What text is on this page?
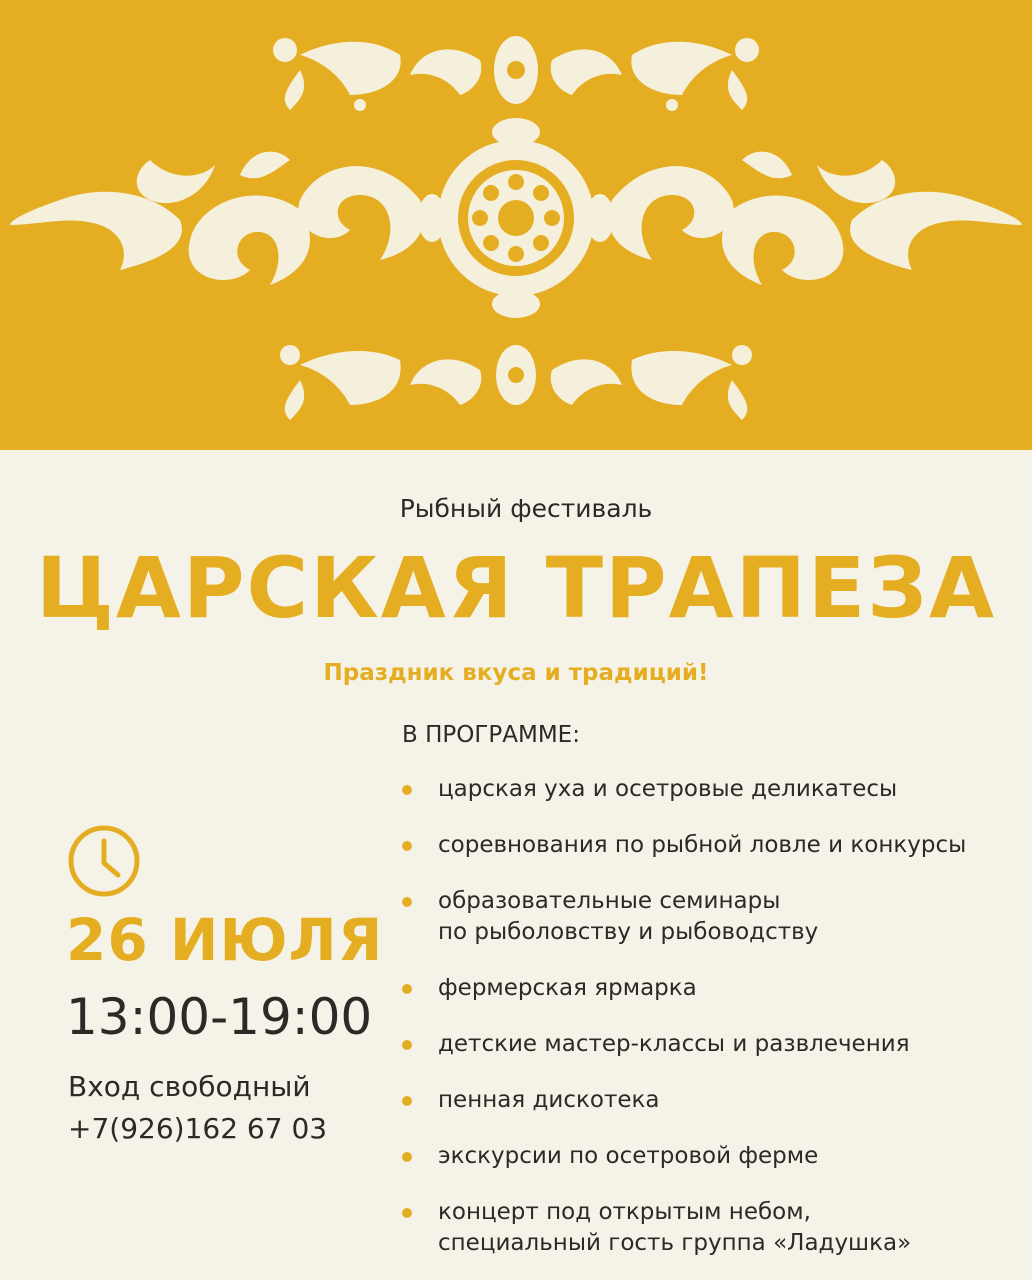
Рыбный фестиваль
ЦАРСКАЯ ТРАПЕЗА
Праздник вкуса и традиций!
В ПРОГРАММЕ:
царская уха и осетровые деликатесы
соревнования по рыбной ловле и конкурсы
образовательные семинары
по рыболовству и рыбоводству
фермерская ярмарка
детские мастер-классы и развлечения
пенная дискотека
экскурсии по осетровой ферме
концерт под открытым небом,
специальный гость группа «Ладушка»
26 ИЮЛЯ
13:00-19:00
Вход свободный
+7(926)162 67 03
